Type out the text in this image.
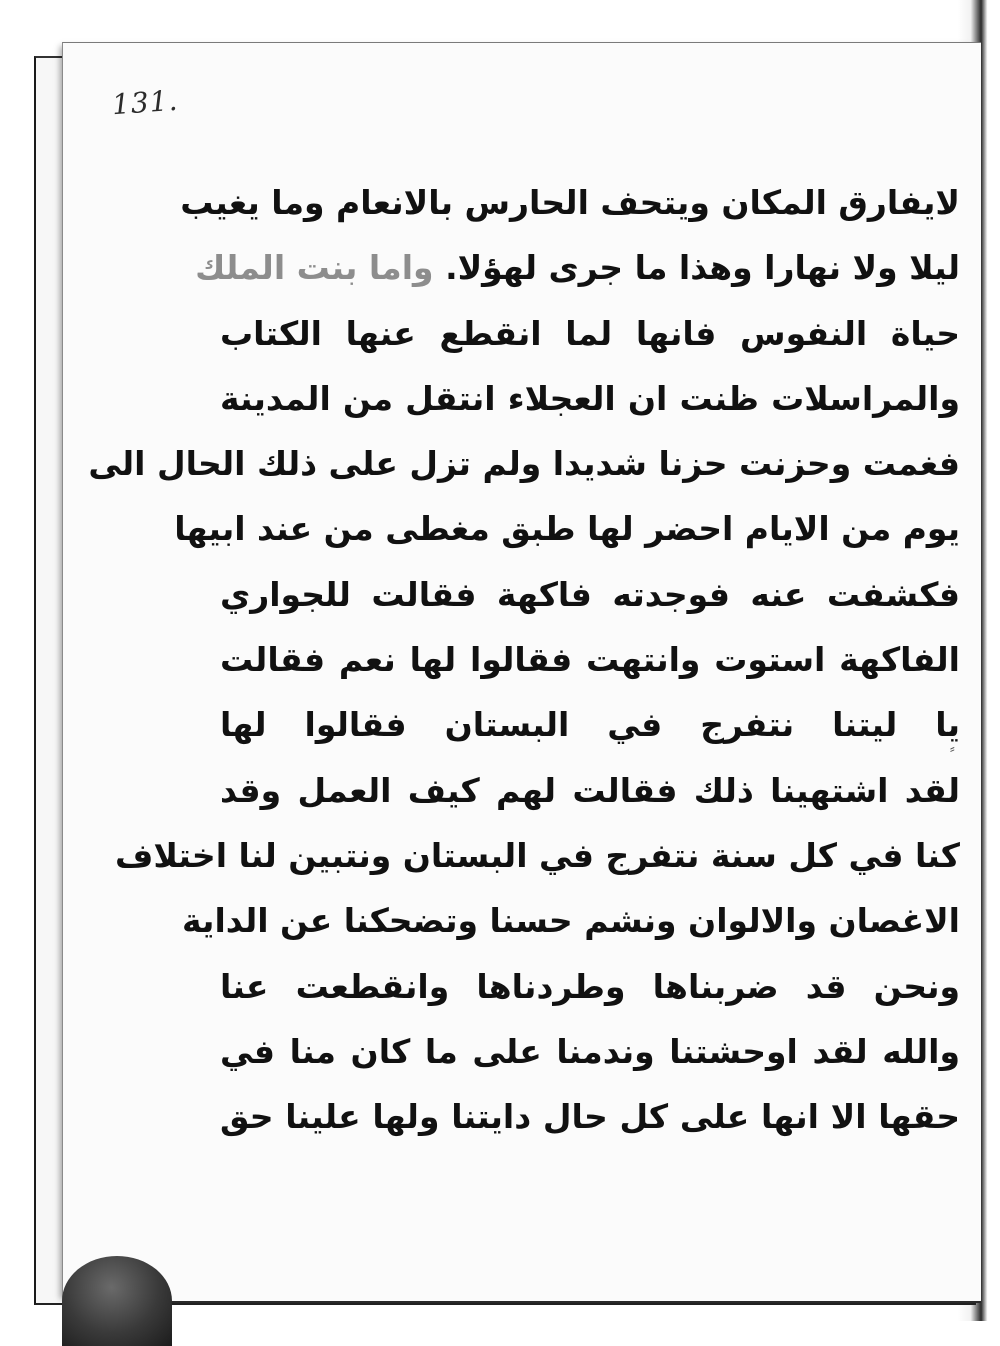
131.
لايفارق المكان ويتحف الحارس بالانعام وما يغيب
ليلا ولا نهارا وهذا ما جرى لهؤلا. واما بنت الملك
حياة النفوس فانها لما انقطع عنها الكتاب
والمراسلات ظنت ان العجلاء انتقل من المدينة
فغمت وحزنت حزنا شديدا ولم تزل على ذلك الحال الى
يوم من الايام احضر لها طبق مغطى من عند ابيها
فكشفت عنه فوجدته فاكهة فقالت للجواري
الفاكهة استوت وانتهت فقالوا لها نعم فقالت
يا ليتنا نتفرج في البستان فقالوا لها
لقد اشتهينا ذلك فقالت لهم كيف العمل وقد
كنا في كل سنة نتفرج في البستان ونتبين لنا اختلاف
الاغصان والالوان ونشم حسنا وتضحكنا عن الداية
ونحن قد ضربناها وطردناها وانقطعت عنا
والله لقد اوحشتنا وندمنا على ما كان منا في
حقها الا انها على كل حال دايتنا ولها علينا حق
⸗
